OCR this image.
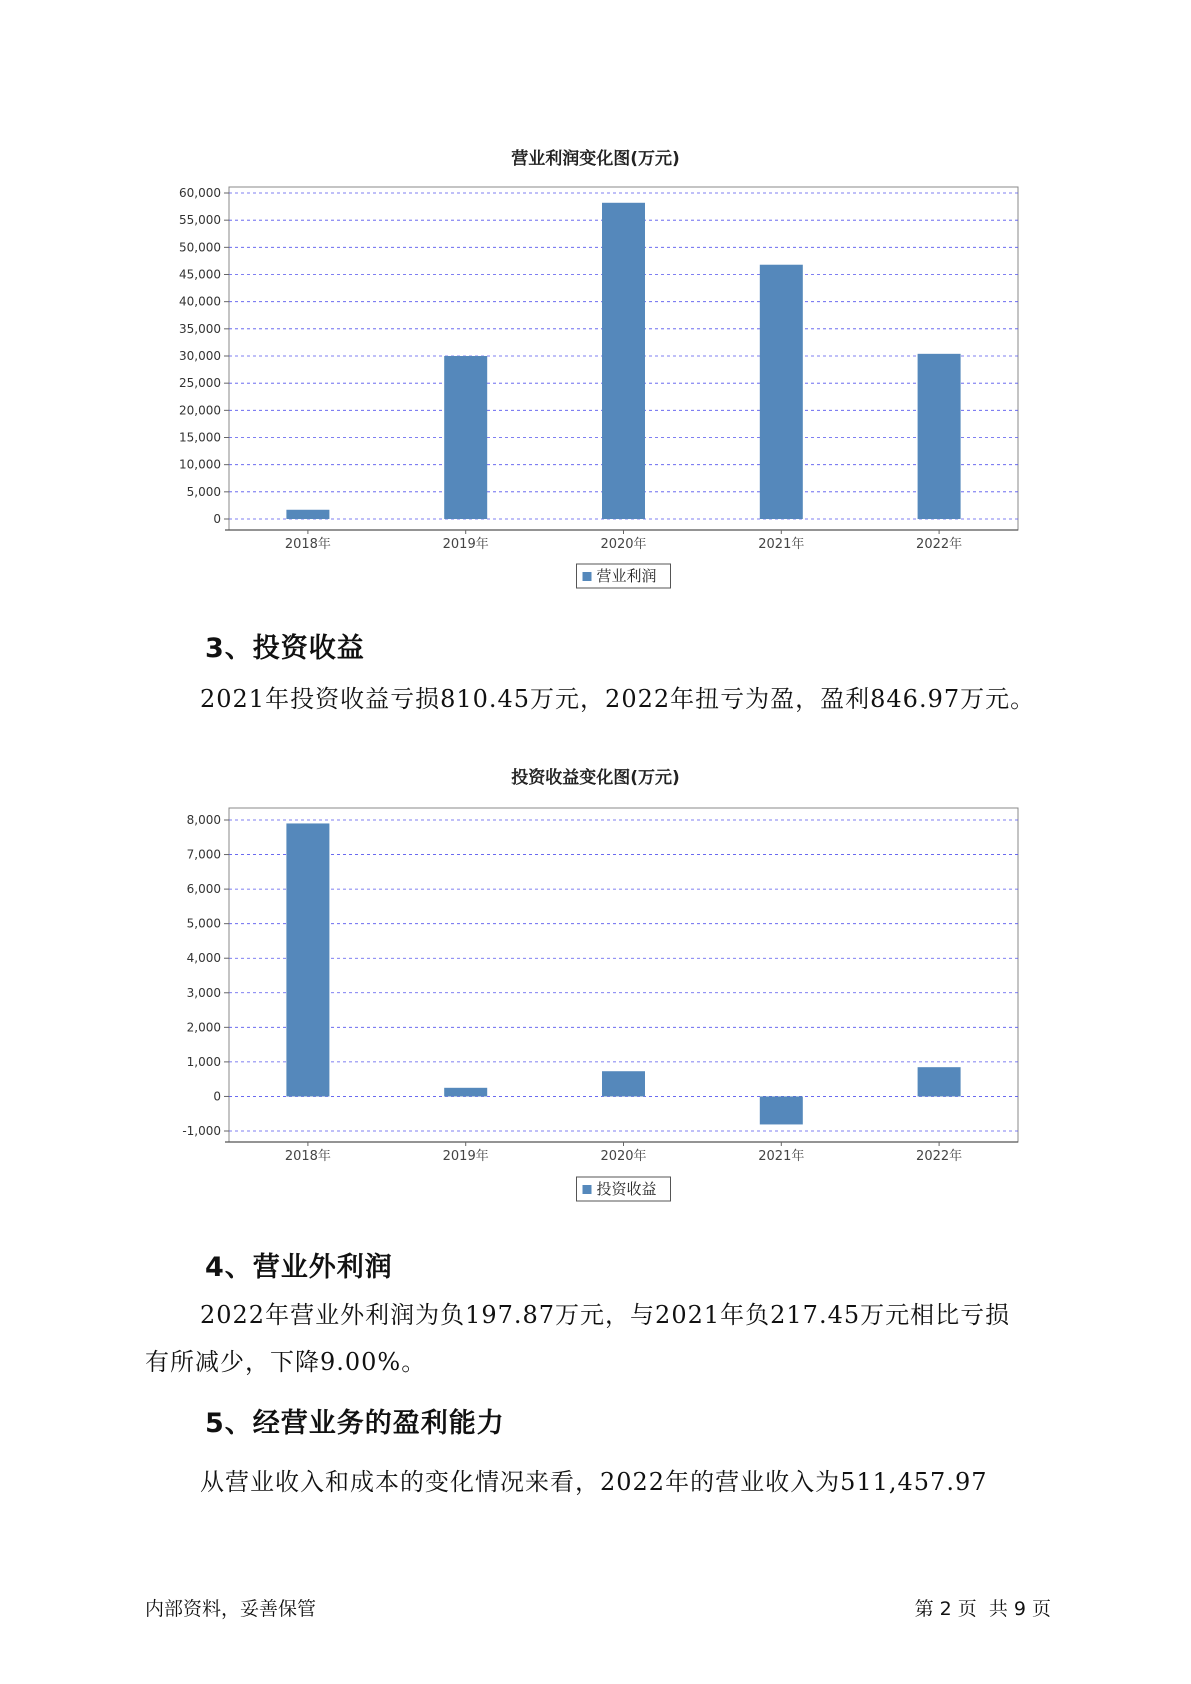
营业利润变化图(万元)
0
5,000
10,000
15,000
20,000
25,000
30,000
35,000
40,000
45,000
50,000
55,000
60,000
2018年	2019年	2020年	2021年	2022年
营业利润
3、投资收益
2021年投资收益亏损810.45万元，2022年扭亏为盈，盈利846.97万元。
投资收益变化图(万元)
-1,000
0
1,000
2,000
3,000
4,000
5,000
6,000
7,000
8,000
2018年	2019年	2020年	2021年	2022年
投资收益
4、营业外利润
2022年营业外利润为负197.87万元，与2021年负217.45万元相比亏损
有所减少，下降9.00%。
5、经营业务的盈利能力
从营业收入和成本的变化情况来看，2022年的营业收入为511,457.97
内部资料，妥善保管	第 2 页  共 9 页
